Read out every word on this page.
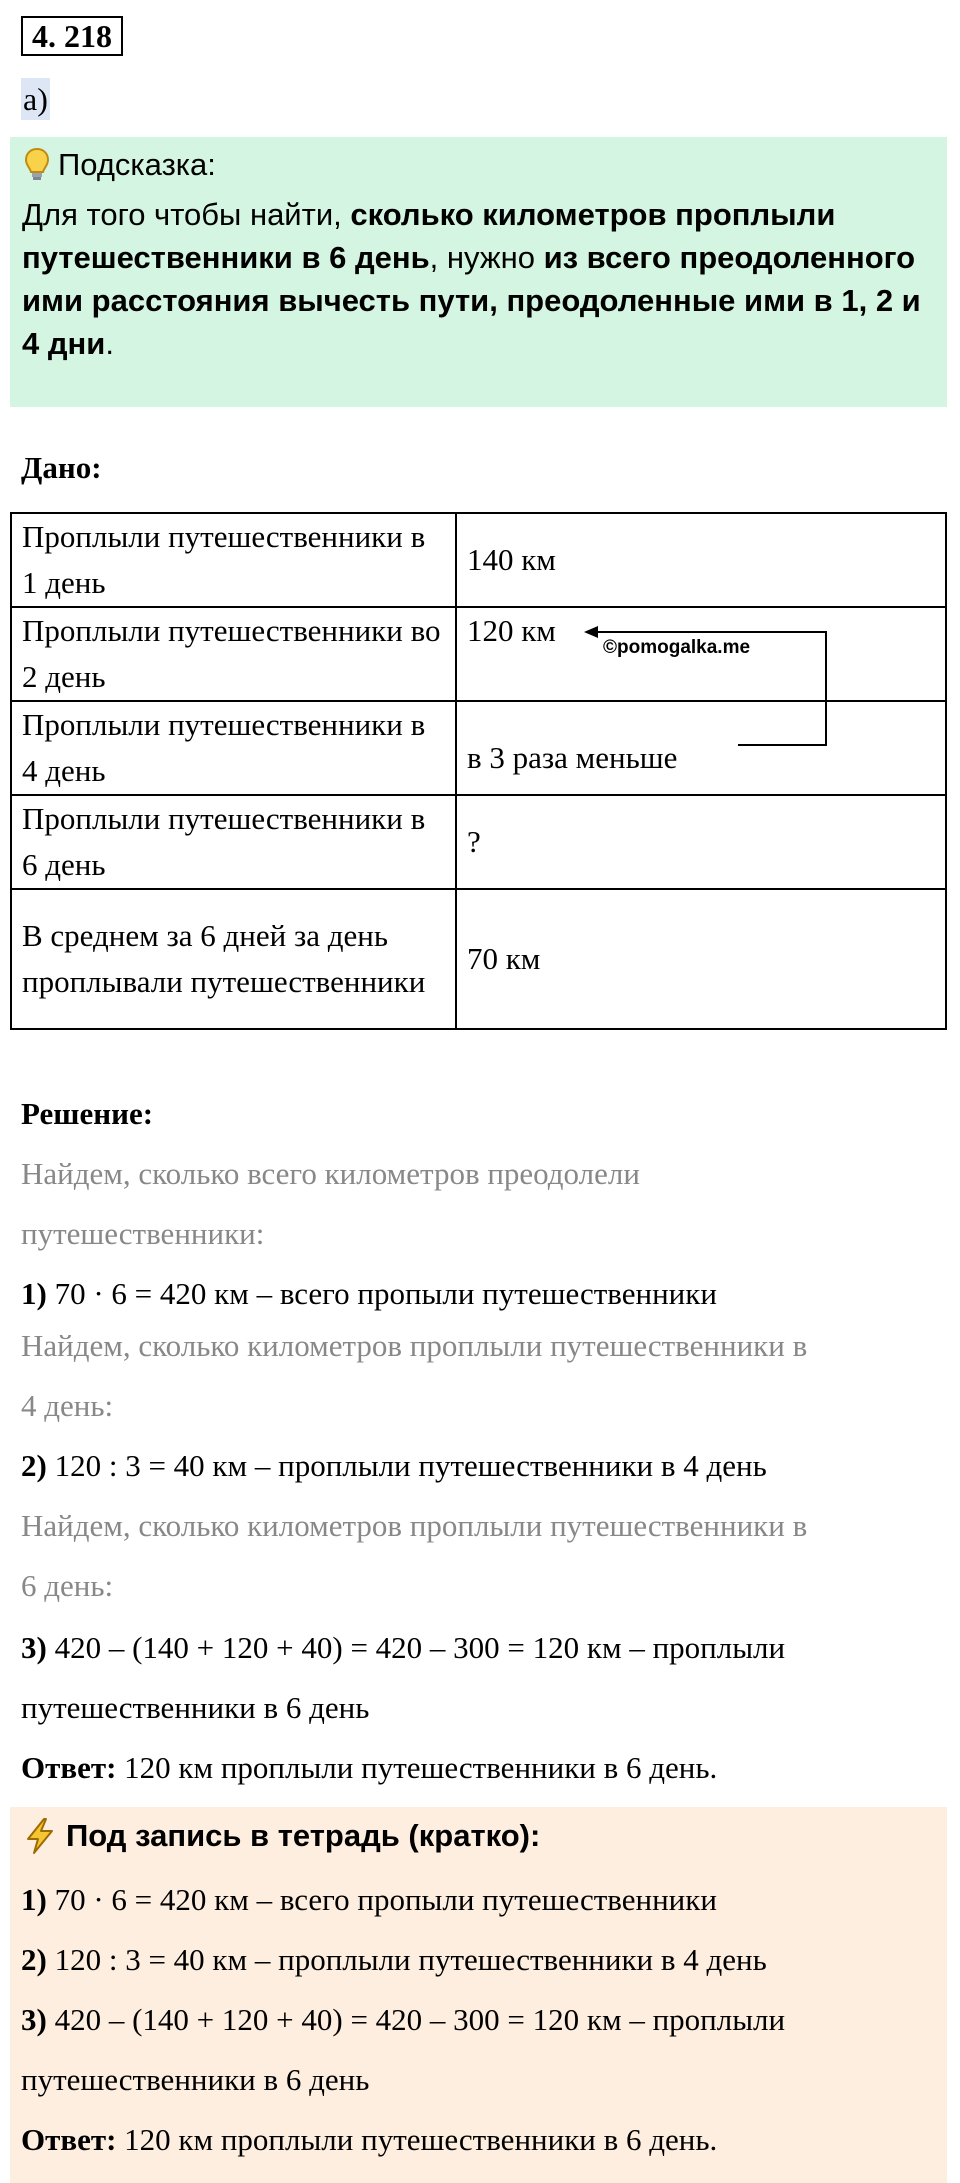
4. 218
а)
Подсказка:
Для того чтобы найти, сколько километров проплыли путешественники в 6 день, нужно из всего преодоленного ими расстояния вычесть пути, преодоленные ими в 1, 2 и 4 дни.
Дано:
Проплыли путешественники в 1 день	140 км
Проплыли путешественники во 2 день	120 км
Проплыли путешественники в 4 день	в 3 раза меньше
Проплыли путешественники в 6 день	?
В среднем за 6 дней за день проплывали путешественники	70 км
©pomogalka.me
Решение:
Найдем, сколько всего километров преодолели
путешественники:
1) 70 · 6 = 420 км – всего пропыли путешественники
Найдем, сколько километров проплыли путешественники в
4 день:
2) 120 : 3 = 40 км – проплыли путешественники в 4 день
Найдем, сколько километров проплыли путешественники в
6 день:
3) 420 – (140 + 120 + 40) = 420 – 300 = 120 км – проплыли
путешественники в 6 день
Ответ: 120 км проплыли путешественники в 6 день.
Под запись в тетрадь (кратко):
1) 70 · 6 = 420 км – всего пропыли путешественники
2) 120 : 3 = 40 км – проплыли путешественники в 4 день
3) 420 – (140 + 120 + 40) = 420 – 300 = 120 км – проплыли
путешественники в 6 день
Ответ: 120 км проплыли путешественники в 6 день.
